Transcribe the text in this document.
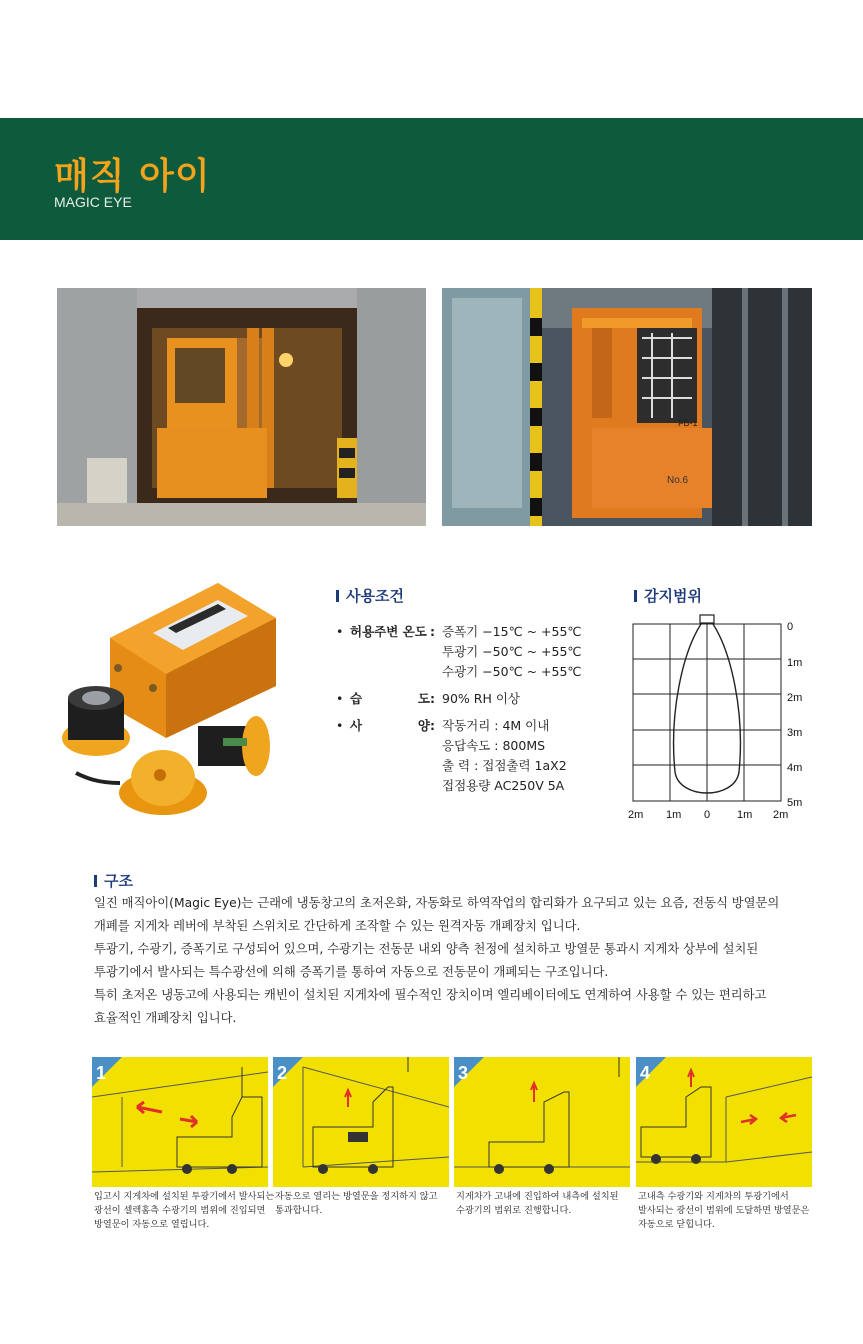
매직 아이
MAGIC EYE
FB-1
No.6
사용조건
• 허용주변 온도 : 증폭기 −15℃ ~ +55℃
투광기 −50℃ ~ +55℃
수광기 −50℃ ~ +55℃
• 습	도 : 90% RH 이상
• 사	양 : 작동거리 : 4M 이내
응답속도 : 800MS
출 력 : 접점출력 1aX2
접점용량 AC250V 5A
감지범위
0
1m
2m
3m
4m
5m
2m 1m 0 1m 2m
구조

일진 매직아이(Magic Eye)는 근래에 냉동창고의 초저온화, 자동화로 하역작업의 합리화가 요구되고 있는 요즘, 전동식 방열문의

개폐를 지게차 레버에 부착된 스위치로 간단하게 조작할 수 있는 원격자동 개폐장치 입니다.

투광기, 수광기, 증폭기로 구성되어 있으며, 수광기는 전동문 내외 양측 천정에 설치하고 방열문 통과시 지게차 상부에 설치된

투광기에서 발사되는 특수광선에 의해 증폭기를 통하여 자동으로 전동문이 개폐되는 구조입니다.

특히 초저온 냉동고에 사용되는 캐빈이 설치된 지게차에 필수적인 장치이며 엘리베이터에도 연계하여 사용할 수 있는 편리하고

효율적인 개폐장치 입니다.

1
입고시 지게차에 설치된 투광기에서 발사되는
광선이 셀렉홈측 수광기의 범위에 진입되면
방열문이 자동으로 열립니다.
2
자동으로 열리는 방열문을 정지하지 않고
통과합니다.
3
지게차가 고내에 진입하여 내측에 설치된
수광기의 범위로 진행합니다.
4
고내측 수광기와 지게차의 투광기에서
발사되는 광선이 범위에 도달하면 방열문은
자동으로 닫힙니다.
